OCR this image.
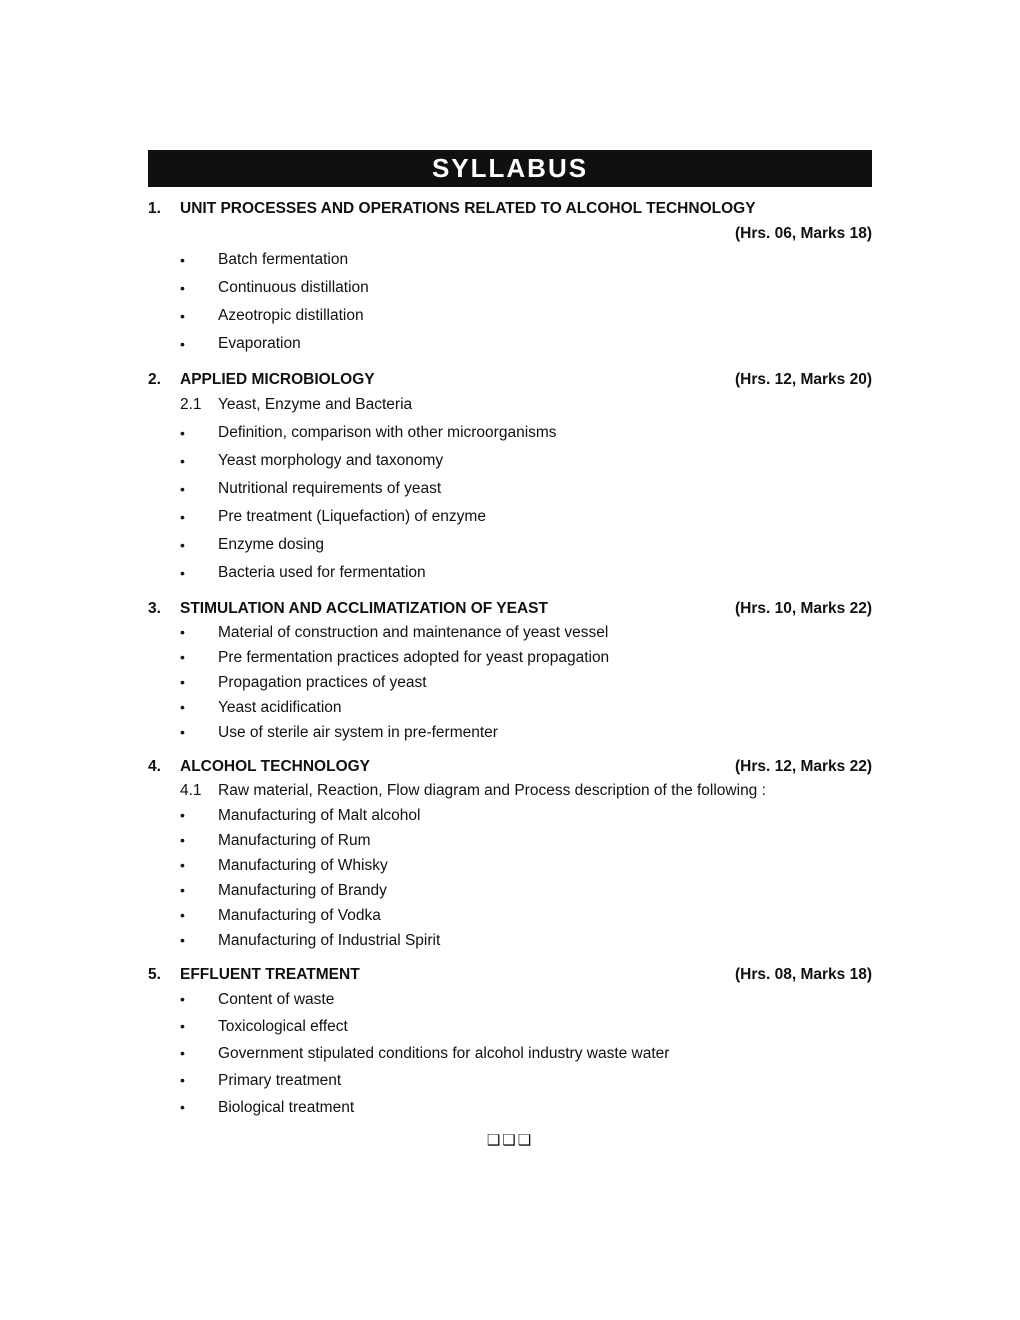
SYLLABUS
1.	UNIT PROCESSES AND OPERATIONS RELATED TO ALCOHOL TECHNOLOGY
(Hrs. 06, Marks 18)
•	Batch fermentation
•	Continuous distillation
•	Azeotropic distillation
•	Evaporation
2.	APPLIED MICROBIOLOGY	(Hrs. 12, Marks 20)
2.1	Yeast, Enzyme and Bacteria
•	Definition, comparison with other microorganisms
•	Yeast morphology and taxonomy
•	Nutritional requirements of yeast
•	Pre treatment (Liquefaction) of enzyme
•	Enzyme dosing
•	Bacteria used for fermentation
3.	STIMULATION AND ACCLIMATIZATION OF YEAST	(Hrs. 10, Marks 22)
•	Material of construction and maintenance of yeast vessel
•	Pre fermentation practices adopted for yeast propagation
•	Propagation practices of yeast
•	Yeast acidification
•	Use of sterile air system in pre-fermenter
4.	ALCOHOL TECHNOLOGY	(Hrs. 12, Marks 22)
4.1	Raw material, Reaction, Flow diagram and Process description of the following :
•	Manufacturing of Malt alcohol
•	Manufacturing of Rum
•	Manufacturing of Whisky
•	Manufacturing of Brandy
•	Manufacturing of Vodka
•	Manufacturing of Industrial Spirit
5.	EFFLUENT TREATMENT	(Hrs. 08, Marks 18)
•	Content of waste
•	Toxicological effect
•	Government stipulated conditions for alcohol industry waste water
•	Primary treatment
•	Biological treatment
❑❑❑
